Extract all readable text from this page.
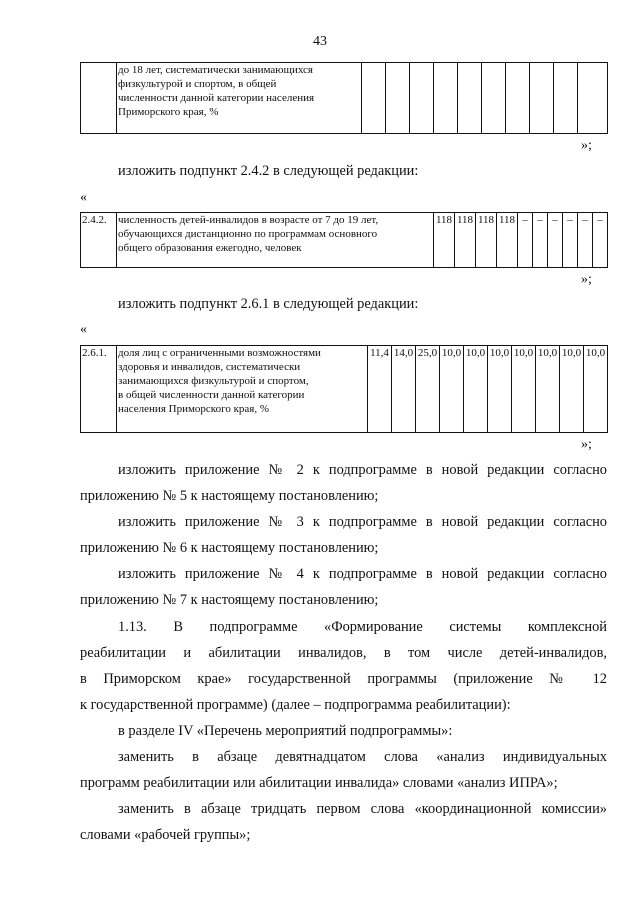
43

до 18 лет, систематически занимающихся
физкультурой и спортом, в общей
численности данной категории населения
Приморского края, %

»;
изложить подпункт 2.4.2 в следующей редакции:
«
2.4.2.	численность детей-инвалидов в возрасте от 7 до 19 лет,
обучающихся дистанционно по программам основного
общего образования ежегодно, человек
	118	118	118	118	–	–	–	–	–	–
»;
изложить подпункт 2.6.1 в следующей редакции:
«
2.6.1.	доля лиц с ограниченными возможностями
здоровья и инвалидов, систематически
занимающихся физкультурой и спортом,
в общей численности данной категории
населения Приморского края, %
	11,4	14,0	25,0	10,0	10,0	10,0	10,0	10,0	10,0	10,0
»;
изложить приложение № 2 к подпрограмме в новой редакции согласно
приложению № 5 к настоящему постановлению;
изложить приложение № 3 к подпрограмме в новой редакции согласно
приложению № 6 к настоящему постановлению;
изложить приложение № 4 к подпрограмме в новой редакции согласно
приложению № 7 к настоящему постановлению;
1.13. В подпрограмме «Формирование системы комплексной
реабилитации и абилитации инвалидов, в том числе детей-инвалидов,
в Приморском крае» государственной программы (приложение № 12
к государственной программе) (далее – подпрограмма реабилитации):
в разделе IV «Перечень мероприятий подпрограммы»:
заменить в абзаце девятнадцатом слова «анализ индивидуальных
программ реабилитации или абилитации инвалида» словами «анализ ИПРА»;
заменить в абзаце тридцать первом слова «координационной комиссии»
словами «рабочей группы»;
